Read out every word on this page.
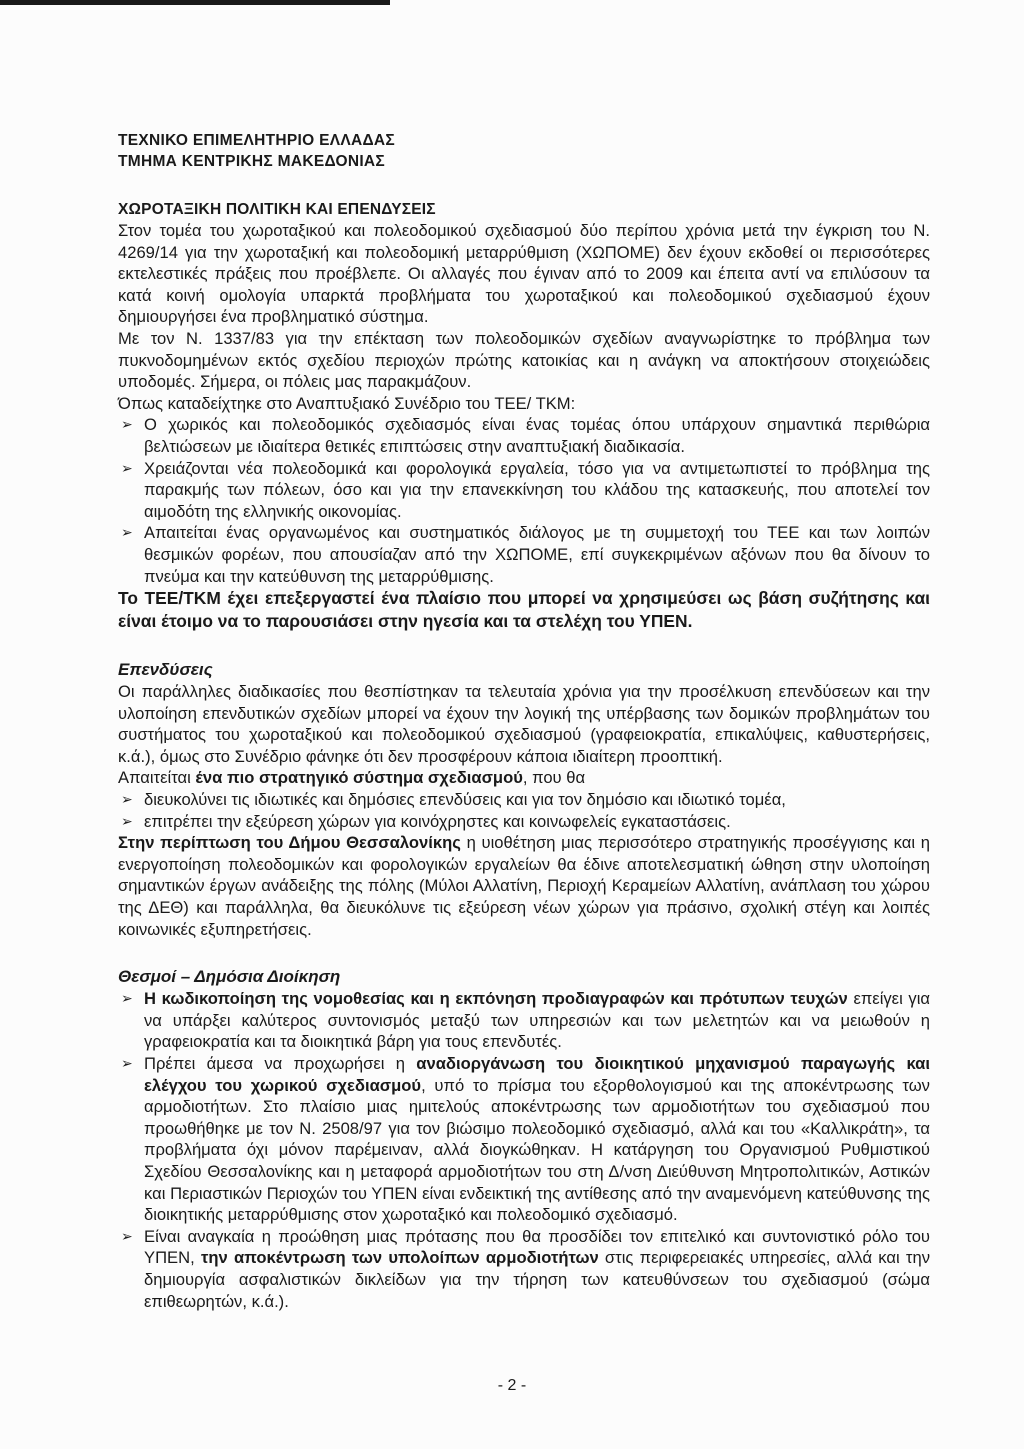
ΤΕΧΝΙΚΟ ΕΠΙΜΕΛΗΤΗΡΙΟ ΕΛΛΑΔΑΣ
ΤΜΗΜΑ ΚΕΝΤΡΙΚΗΣ ΜΑΚΕΔΟΝΙΑΣ
ΧΩΡΟΤΑΞΙΚΗ ΠΟΛΙΤΙΚΗ ΚΑΙ ΕΠΕΝΔΥΣΕΙΣ

Στον τομέα του χωροταξικού και πολεοδομικού σχεδιασμού δύο περίπου χρόνια μετά την έγκριση του Ν. 4269/14 για την χωροταξική και πολεοδομική μεταρρύθμιση (ΧΩΠΟΜΕ) δεν έχουν εκδοθεί οι περισσότερες εκτελεστικές πράξεις που προέβλεπε. Οι αλλαγές που έγιναν από το 2009 και έπειτα αντί να επιλύσουν τα κατά κοινή ομολογία υπαρκτά προβλήματα του χωροταξικού και πολεοδομικού σχεδιασμού έχουν δημιουργήσει ένα προβληματικό σύστημα.

Με τον Ν. 1337/83 για την επέκταση των πολεοδομικών σχεδίων αναγνωρίστηκε το πρόβλημα των πυκνοδομημένων εκτός σχεδίου περιοχών πρώτης κατοικίας και η ανάγκη να αποκτήσουν στοιχειώδεις υποδομές. Σήμερα, οι πόλεις μας παρακμάζουν.

Όπως καταδείχτηκε στο Αναπτυξιακό Συνέδριο του ΤΕΕ/ ΤΚΜ:

➢ Ο χωρικός και πολεοδομικός σχεδιασμός είναι ένας τομέας όπου υπάρχουν σημαντικά περιθώρια βελτιώσεων με ιδιαίτερα θετικές επιπτώσεις στην αναπτυξιακή διαδικασία.
➢ Χρειάζονται νέα πολεοδομικά και φορολογικά εργαλεία, τόσο για να αντιμετωπιστεί το πρόβλημα της παρακμής των πόλεων, όσο και για την επανεκκίνηση του κλάδου της κατασκευής, που αποτελεί τον αιμοδότη της ελληνικής οικονομίας.
➢ Απαιτείται ένας οργανωμένος και συστηματικός διάλογος με τη συμμετοχή του ΤΕΕ και των λοιπών θεσμικών φορέων, που απουσίαζαν από την ΧΩΠΟΜΕ, επί συγκεκριμένων αξόνων που θα δίνουν το πνεύμα και την κατεύθυνση της μεταρρύθμισης.

Το ΤΕΕ/ΤΚΜ έχει επεξεργαστεί ένα πλαίσιο που μπορεί να χρησιμεύσει ως βάση συζήτησης και είναι έτοιμο να το παρουσιάσει στην ηγεσία και τα στελέχη του ΥΠΕΝ.

Επενδύσεις

Οι παράλληλες διαδικασίες που θεσπίστηκαν τα τελευταία χρόνια για την προσέλκυση επενδύσεων και την υλοποίηση επενδυτικών σχεδίων μπορεί να έχουν την λογική της υπέρβασης των δομικών προβλημάτων του συστήματος του χωροταξικού και πολεοδομικού σχεδιασμού (γραφειοκρατία, επικαλύψεις, καθυστερήσεις, κ.ά.), όμως στο Συνέδριο φάνηκε ότι δεν προσφέρουν κάποια ιδιαίτερη προοπτική.

Απαιτείται ένα πιο στρατηγικό σύστημα σχεδιασμού, που θα

➢ διευκολύνει τις ιδιωτικές και δημόσιες επενδύσεις και για τον δημόσιο και ιδιωτικό τομέα,
➢ επιτρέπει την εξεύρεση χώρων για κοινόχρηστες και κοινωφελείς εγκαταστάσεις.

Στην περίπτωση του Δήμου Θεσσαλονίκης η υιοθέτηση μιας περισσότερο στρατηγικής προσέγγισης και η ενεργοποίηση πολεοδομικών και φορολογικών εργαλείων θα έδινε αποτελεσματική ώθηση στην υλοποίηση σημαντικών έργων ανάδειξης της πόλης (Μύλοι Αλλατίνη, Περιοχή Κεραμείων Αλλατίνη, ανάπλαση του χώρου της ΔΕΘ) και παράλληλα, θα διευκόλυνε τις εξεύρεση νέων χώρων για πράσινο, σχολική στέγη και λοιπές κοινωνικές εξυπηρετήσεις.

Θεσμοί – Δημόσια Διοίκηση
➢ Η κωδικοποίηση της νομοθεσίας και η εκπόνηση προδιαγραφών και πρότυπων τευχών επείγει για να υπάρξει καλύτερος συντονισμός μεταξύ των υπηρεσιών και των μελετητών και να μειωθούν η γραφειοκρατία και τα διοικητικά βάρη για τους επενδυτές.
➢ Πρέπει άμεσα να προχωρήσει η αναδιοργάνωση του διοικητικού μηχανισμού παραγωγής και ελέγχου του χωρικού σχεδιασμού, υπό το πρίσμα του εξορθολογισμού και της αποκέντρωσης των αρμοδιοτήτων. Στο πλαίσιο μιας ημιτελούς αποκέντρωσης των αρμοδιοτήτων του σχεδιασμού που προωθήθηκε με τον Ν. 2508/97 για τον βιώσιμο πολεοδομικό σχεδιασμό, αλλά και του «Καλλικράτη», τα προβλήματα όχι μόνον παρέμειναν, αλλά διογκώθηκαν. Η κατάργηση του Οργανισμού Ρυθμιστικού Σχεδίου Θεσσαλονίκης και η μεταφορά αρμοδιοτήτων του στη Δ/νση Διεύθυνση Μητροπολιτικών, Αστικών και Περιαστικών Περιοχών του ΥΠΕΝ είναι ενδεικτική της αντίθεσης από την αναμενόμενη κατεύθυνσης της διοικητικής μεταρρύθμισης στον χωροταξικό και πολεοδομικό σχεδιασμό.
➢ Είναι αναγκαία η προώθηση μιας πρότασης που θα προσδίδει τον επιτελικό και συντονιστικό ρόλο του ΥΠΕΝ, την αποκέντρωση των υπολοίπων αρμοδιοτήτων στις περιφερειακές υπηρεσίες, αλλά και την δημιουργία ασφαλιστικών δικλείδων για την τήρηση των κατευθύνσεων του σχεδιασμού (σώμα επιθεωρητών, κ.ά.).
- 2 -
